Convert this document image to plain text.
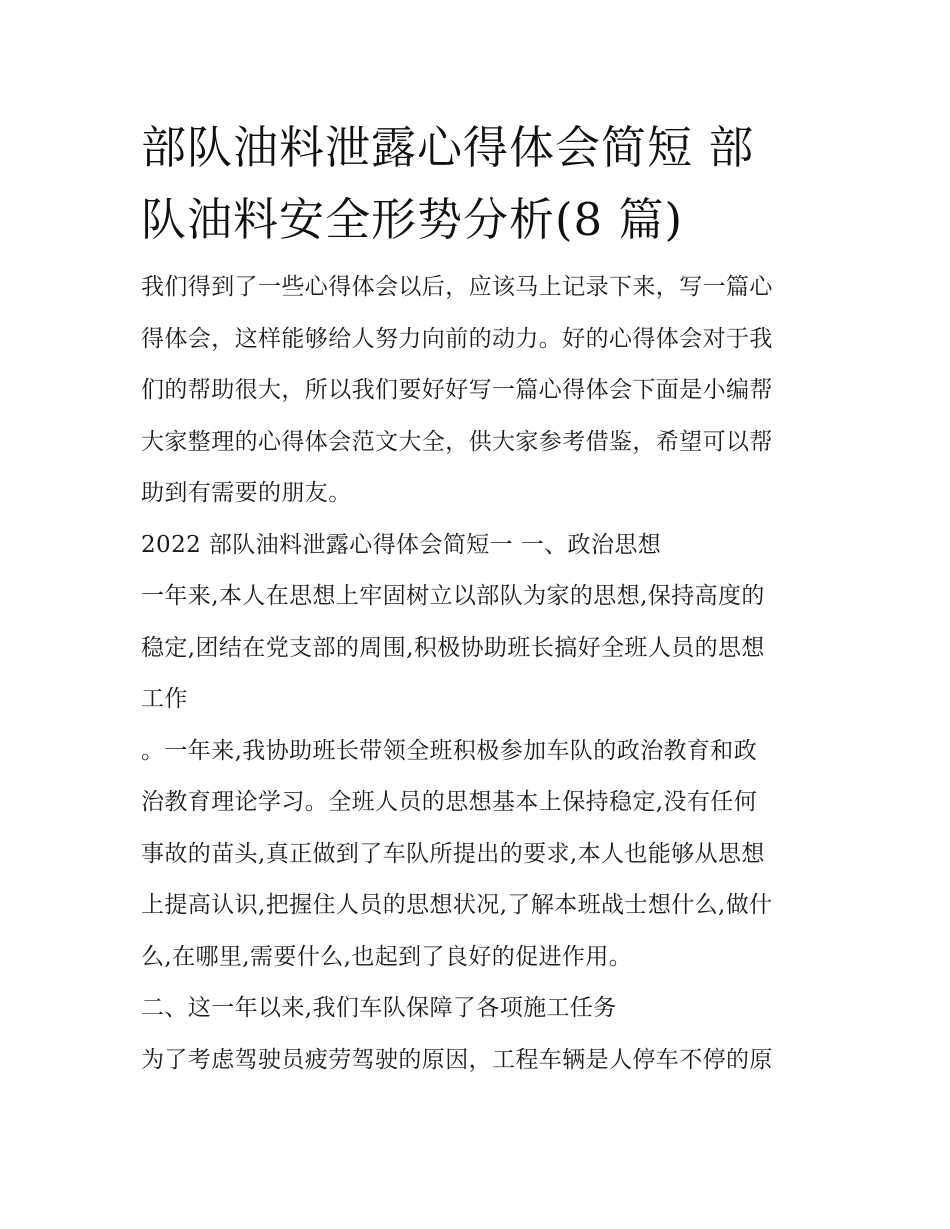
部队油料泄露心得体会简短 部
队油料安全形势分析(8 篇)

我们得到了一些心得体会以后，应该马上记录下来，写一篇心
得体会，这样能够给人努力向前的动力。好的心得体会对于我
们的帮助很大，所以我们要好好写一篇心得体会下面是小编帮
大家整理的心得体会范文大全，供大家参考借鉴，希望可以帮
助到有需要的朋友。

2022 部队油料泄露心得体会简短一 一、政治思想

一年来,本人在思想上牢固树立以部队为家的思想,保持高度的
稳定,团结在党支部的周围,积极协助班长搞好全班人员的思想
工作

。一年来,我协助班长带领全班积极参加车队的政治教育和政
治教育理论学习。全班人员的思想基本上保持稳定,没有任何
事故的苗头,真正做到了车队所提出的要求,本人也能够从思想
上提高认识,把握住人员的思想状况,了解本班战士想什么,做什
么,在哪里,需要什么,也起到了良好的促进作用。

二、这一年以来,我们车队保障了各项施工任务

为了考虑驾驶员疲劳驾驶的原因，工程车辆是人停车不停的原
